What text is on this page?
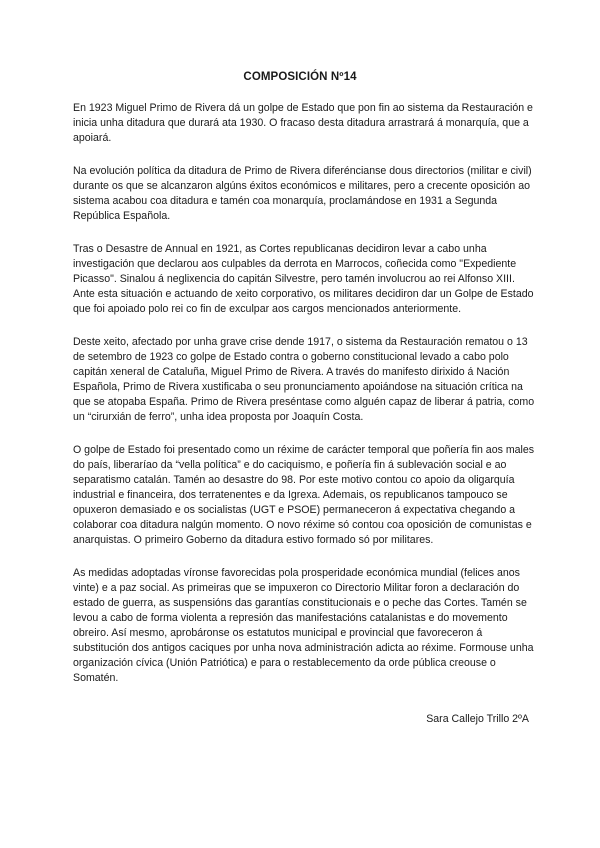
COMPOSICIÓN Nº14

En 1923 Miguel Primo de Rivera dá un golpe de Estado que pon fin ao sistema da Restauración e inicia unha ditadura que durará ata 1930. O fracaso desta ditadura arrastrará á monarquía, que a apoiará.

Na evolución política da ditadura de Primo de Rivera diferéncianse dous directorios (militar e civil) durante os que se alcanzaron algúns éxitos económicos e militares, pero a crecente oposición ao sistema acabou coa ditadura e tamén coa monarquía, proclamándose en 1931 a Segunda República Española.

Tras o Desastre de Annual en 1921, as Cortes republicanas decidiron levar a cabo unha investigación que declarou aos culpables da derrota en Marrocos, coñecida como "Expediente Picasso". Sinalou á neglixencia do capitán Silvestre, pero tamén involucrou ao rei Alfonso XIII. Ante esta situación e actuando de xeito corporativo, os militares decidiron dar un Golpe de Estado que foi apoiado polo rei co fin de exculpar aos cargos mencionados anteriormente.

Deste xeito, afectado por unha grave crise dende 1917, o sistema da Restauración rematou o 13 de setembro de 1923 co golpe de Estado contra o goberno constitucional levado a cabo polo capitán xeneral de Cataluña, Miguel Primo de Rivera. A través do manifesto dirixido á Nación Española, Primo de Rivera xustificaba o seu pronunciamento apoiándose na situación crítica na que se atopaba España. Primo de Rivera preséntase como alguén capaz de liberar á patria, como un “cirurxián de ferro”, unha idea proposta por Joaquín Costa.

O golpe de Estado foi presentado como un réxime de carácter temporal que poñería fin aos males do país, liberaríao da “vella política” e do caciquismo, e poñería fin á sublevación social e ao separatismo catalán. Tamén ao desastre do 98. Por este motivo contou co apoio da oligarquía industrial e financeira, dos terratenentes e da Igrexa. Ademais, os republicanos tampouco se opuxeron demasiado e os socialistas (UGT e PSOE) permaneceron á expectativa chegando a colaborar coa ditadura nalgún momento. O novo réxime só contou coa oposición de comunistas e anarquistas. O primeiro Goberno da ditadura estivo formado só por militares.

As medidas adoptadas víronse favorecidas pola prosperidade económica mundial (felices anos vinte) e a paz social. As primeiras que se impuxeron co Directorio Militar foron a declaración do estado de guerra, as suspensións das garantías constitucionais e o peche das Cortes. Tamén se levou a cabo de forma violenta a represión das manifestacións catalanistas e do movemento obreiro. Así mesmo, aprobáronse os estatutos municipal e provincial que favoreceron á substitución dos antigos caciques por unha nova administración adicta ao réxime. Formouse unha organización cívica (Unión Patriótica) e para o restablecemento da orde pública creouse o Somatén.

Sara Callejo Trillo 2ºA
